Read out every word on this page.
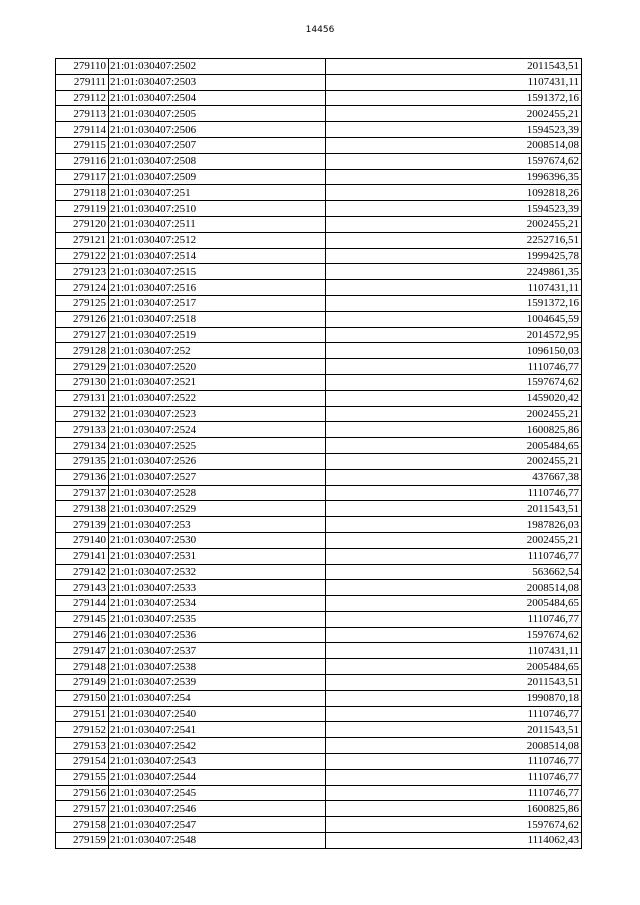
14456
279110	21:01:030407:2502	2011543,51
279111	21:01:030407:2503	1107431,11
279112	21:01:030407:2504	1591372,16
279113	21:01:030407:2505	2002455,21
279114	21:01:030407:2506	1594523,39
279115	21:01:030407:2507	2008514,08
279116	21:01:030407:2508	1597674,62
279117	21:01:030407:2509	1996396,35
279118	21:01:030407:251	1092818,26
279119	21:01:030407:2510	1594523,39
279120	21:01:030407:2511	2002455,21
279121	21:01:030407:2512	2252716,51
279122	21:01:030407:2514	1999425,78
279123	21:01:030407:2515	2249861,35
279124	21:01:030407:2516	1107431,11
279125	21:01:030407:2517	1591372,16
279126	21:01:030407:2518	1004645,59
279127	21:01:030407:2519	2014572,95
279128	21:01:030407:252	1096150,03
279129	21:01:030407:2520	1110746,77
279130	21:01:030407:2521	1597674,62
279131	21:01:030407:2522	1459020,42
279132	21:01:030407:2523	2002455,21
279133	21:01:030407:2524	1600825,86
279134	21:01:030407:2525	2005484,65
279135	21:01:030407:2526	2002455,21
279136	21:01:030407:2527	437667,38
279137	21:01:030407:2528	1110746,77
279138	21:01:030407:2529	2011543,51
279139	21:01:030407:253	1987826,03
279140	21:01:030407:2530	2002455,21
279141	21:01:030407:2531	1110746,77
279142	21:01:030407:2532	563662,54
279143	21:01:030407:2533	2008514,08
279144	21:01:030407:2534	2005484,65
279145	21:01:030407:2535	1110746,77
279146	21:01:030407:2536	1597674,62
279147	21:01:030407:2537	1107431,11
279148	21:01:030407:2538	2005484,65
279149	21:01:030407:2539	2011543,51
279150	21:01:030407:254	1990870,18
279151	21:01:030407:2540	1110746,77
279152	21:01:030407:2541	2011543,51
279153	21:01:030407:2542	2008514,08
279154	21:01:030407:2543	1110746,77
279155	21:01:030407:2544	1110746,77
279156	21:01:030407:2545	1110746,77
279157	21:01:030407:2546	1600825,86
279158	21:01:030407:2547	1597674,62
279159	21:01:030407:2548	1114062,43
